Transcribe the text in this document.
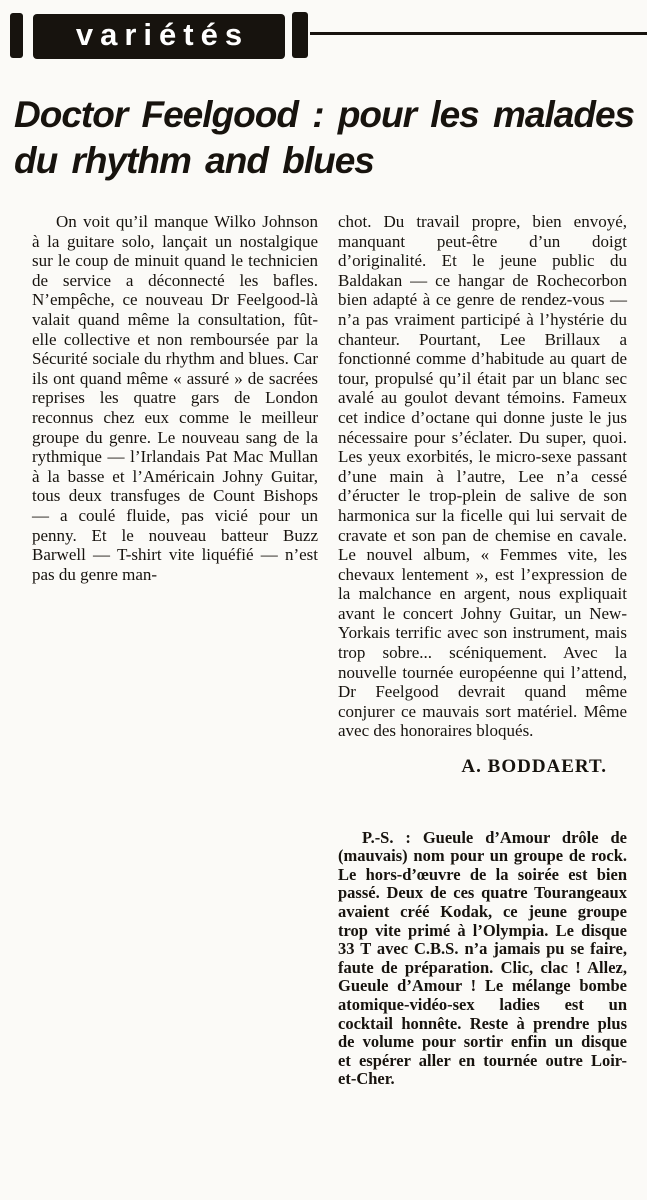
variétés
Doctor Feelgood : pour les malades
du rhythm and blues

On voit qu’il manque Wilko Johnson à la guitare solo, lançait un nostalgique sur le coup de minuit quand le technicien de service a déconnecté les bafles. N’empêche, ce nouveau Dr Feelgood-là valait quand même la consultation, fût-elle collective et non remboursée par la Sécurité sociale du rhythm and blues. Car ils ont quand même « assuré » de sacrées reprises les quatre gars de London reconnus chez eux comme le meilleur groupe du genre. Le nouveau sang de la rythmique — l’Irlandais Pat Mac Mullan à la basse et l’Américain Johny Guitar, tous deux transfuges de Count Bishops — a coulé fluide, pas vicié pour un penny. Et le nouveau batteur Buzz Barwell — T-shirt vite liquéfié — n’est pas du genre man-

chot. Du travail propre, bien envoyé, manquant peut-être d’un doigt d’originalité. Et le jeune public du Baldakan — ce hangar de Rochecorbon bien adapté à ce genre de rendez-vous — n’a pas vraiment participé à l’hystérie du chanteur. Pourtant, Lee Brillaux a fonctionné comme d’habitude au quart de tour, propulsé qu’il était par un blanc sec avalé au goulot devant témoins. Fameux cet indice d’octane qui donne juste le jus nécessaire pour s’éclater. Du super, quoi. Les yeux exorbités, le micro-sexe passant d’une main à l’autre, Lee n’a cessé d’éructer le trop-plein de salive de son harmonica sur la ficelle qui lui servait de cravate et son pan de chemise en cavale. Le nouvel album, « Femmes vite, les chevaux lentement », est l’expression de la malchance en argent, nous expliquait avant le concert Johny Guitar, un New-Yorkais terrific avec son instrument, mais trop sobre... scéniquement. Avec la nouvelle tournée européenne qui l’attend, Dr Feelgood devrait quand même conjurer ce mauvais sort matériel. Même avec des honoraires bloqués.

A. BODDAERT.

P.-S. : Gueule d’Amour drôle de (mauvais) nom pour un groupe de rock. Le hors-d’œuvre de la soirée est bien passé. Deux de ces quatre Tourangeaux avaient créé Kodak, ce jeune groupe trop vite primé à l’Olympia. Le disque 33 T avec C.B.S. n’a jamais pu se faire, faute de préparation. Clic, clac ! Allez, Gueule d’Amour ! Le mélange bombe atomique-vidéo-sex ladies est un cocktail honnête. Reste à prendre plus de volume pour sortir enfin un disque et espérer aller en tournée outre Loir-et-Cher.
